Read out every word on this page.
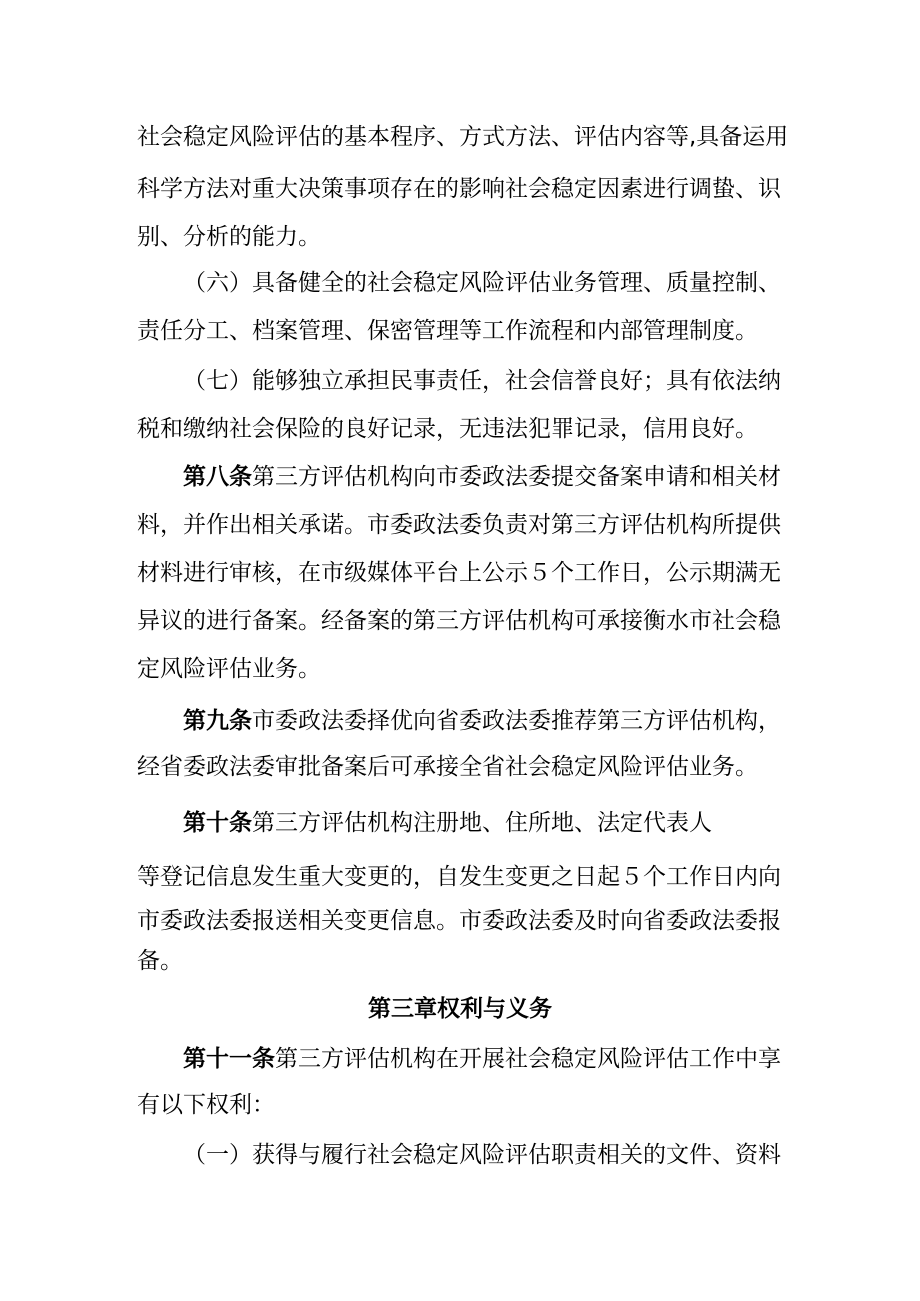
社会稳定风险评估的基本程序、方式方法、评估内容等,具备运用
科学方法对重大决策事项存在的影响社会稳定因素进行调蛰、识
别、分析的能力。
（六）具备健全的社会稳定风险评估业务管理、质量控制、
责任分工、档案管理、保密管理等工作流程和内部管理制度。
（七）能够独立承担民事责任，社会信誉良好；具有依法纳
税和缴纳社会保险的良好记录，无违法犯罪记录，信用良好。
第八条第三方评估机构向市委政法委提交备案申请和相关材
料，并作出相关承诺。市委政法委负责对第三方评估机构所提供
材料进行审核，在市级媒体平台上公示５个工作日，公示期满无
异议的进行备案。经备案的第三方评估机构可承接衡水市社会稳
定风险评估业务。
第九条市委政法委择优向省委政法委推荐第三方评估机构，
经省委政法委审批备案后可承接全省社会稳定风险评估业务。
第十条第三方评估机构注册地、住所地、法定代表人
等登记信息发生重大变更的，自发生变更之日起５个工作日内向
市委政法委报送相关变更信息。市委政法委及时向省委政法委报
备。
第三章权利与义务
第十一条第三方评估机构在开展社会稳定风险评估工作中享
有以下权利：
（一）获得与履行社会稳定风险评估职责相关的文件、资料
